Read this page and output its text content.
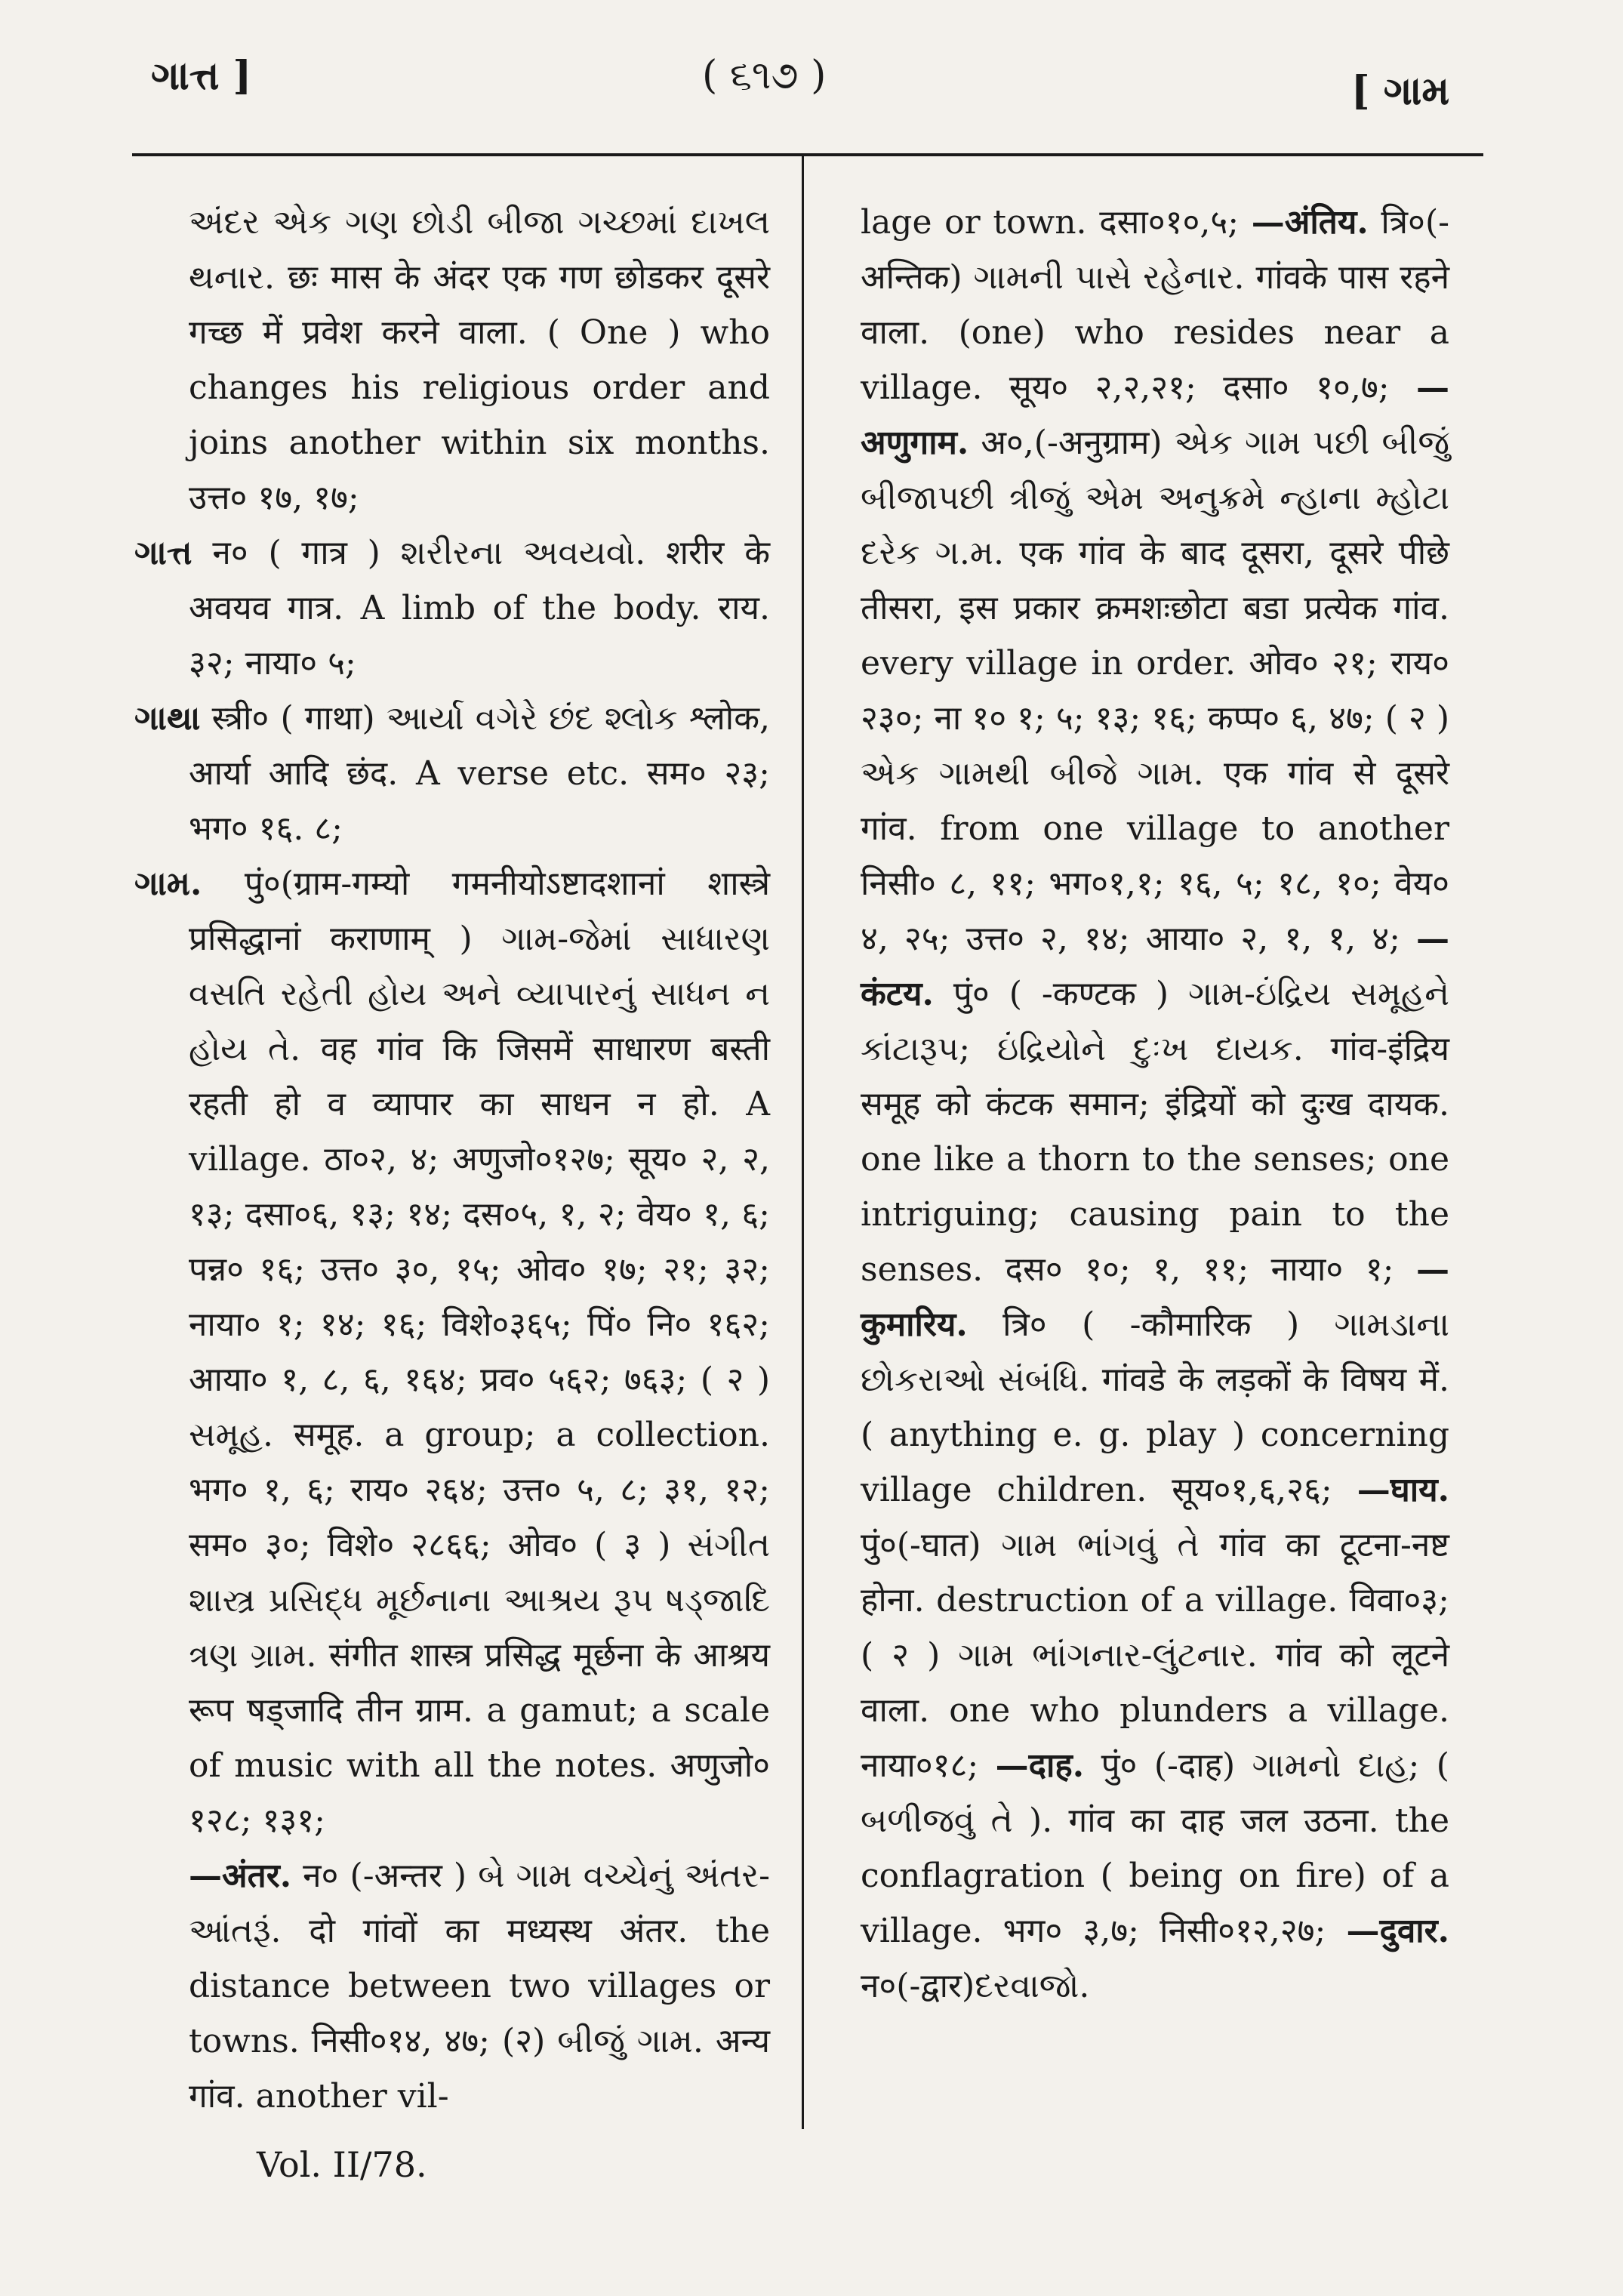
ગાત્ત ]	( ૬૧૭ )	[ ગામ

અંદર એક ગણ છોડી બીજા ગચ્છમાં દાખલ થનાર. छः मास के अंदर एक गण छोडकर दूसरे गच्छ में प्रवेश करने वाला. ( One ) who changes his religious order and joins another within six months. उत्त० १७, १७;

ગાત્ત न० ( गात्र ) શરીરના અવયવો. शरीर के अवयव गात्र. A limb of the body. राय. ३२; नाया० ५;

ગાથા स्त्री० ( गाथा) આર્યા વગેરે છંદ શ્લોક श्लोक, आर्या आदि छंद. A verse etc. सम० २३; भग० १६. ८;

ગામ. पुं०(ग्राम-गम्यो गमनीयोऽष्टादशानां शास्त्रे प्रसिद्धानां कराणाम् ) ગામ-જેમાં સાધારણ વસતિ રહેતી હોય અને વ્યાપારનું સાધન ન હોય તે. वह गांव कि जिसमें साधारण बस्ती रहती हो व व्यापार का साधन न हो. A village. ठा०२, ४; अणुजो०१२७; सूय० २, २, १३; दसा०६, १३; १४; दस०५, १, २; वेय० १, ६; पन्न० १६; उत्त० ३०, १५; ओव० १७; २१; ३२; नाया० १; १४; १६; विशे०३६५; पिं० नि० १६२; आया० १, ८, ६, १६४; प्रव० ५६२; ७६३; ( २ ) સમૂહ. समूह. a group; a collection. भग० १, ६; राय० २६४; उत्त० ५, ८; ३१, १२; सम० ३०; विशे० २८६६; ओव० ( ३ ) સંગીત શાસ્ત્ર પ્રસિદ્ધ મૂર્છનાના આશ્રય રૂપ ષડ્જાદિ ત્રણ ગ્રામ. संगीत शास्त्र प्रसिद्ध मूर्छना के आश्रय रूप षड्जादि तीन ग्राम. a gamut; a scale of music with all the notes. अणुजो० १२८; १३१;

—अंतर. न० (-अन्तर ) બે ગામ વચ્ચેનું અંતર-આંતરૂં. दो गांवों का मध्यस्थ अंतर. the distance between two villages or towns. निसी०१४, ४७; (२) બીજું ગામ. अन्य गांव. another vil-

lage or town. दसा०१०,५; —अंतिय. त्रि०(-अन्तिक) ગામની પાસે રહેનાર. गांवके पास रहने वाला. (one) who resides near a village. सूय० २,२,२१; दसा० १०,७; —अणुगाम. अ०,(-अनुग्राम) એક ગામ પછી બીજું બીજાપછી ત્રીજું એમ અનુક્રમે ન્હાના મ્હોટા દરેક ગ.મ. एक गांव के बाद दूसरा, दूसरे पीछे तीसरा, इस प्रकार क्रमशःछोटा बडा प्रत्येक गांव. every village in order. ओव० २१; राय० २३०; ना १० १; ५; १३; १६; कप्प० ६, ४७; ( २ ) એક ગામથી બીજે ગામ. एक गांव से दूसरे गांव. from one village to another निसी० ८, ११; भग०१,१; १६, ५; १८, १०; वेय० ४, २५; उत्त० २, १४; आया० २, १, १, ४; —कंटय. पुं० ( -कण्टक ) ગામ-ઇંદ્રિય સમૂહને કાંટારૂપ; ઇંદ્રિયોને દુઃખ દાયક. गांव-इंद्रिय समूह को कंटक समान; इंद्रियों को दुःख दायक. one like a thorn to the senses; one intriguing; causing pain to the senses. दस० १०; १, ११; नाया० १; —कुमारिय. त्रि० ( -कौमारिक ) ગામડાના છોકરાઓ સંબંધિ. गांवडे के लड़कों के विषय में. ( anything e. g. play ) concerning village children. सूय०१,६,२६; —घाय. पुं०(-घात) ગામ ભાંગવું તે गांव का टूटना-नष्ट होना. destruction of a village. विवा०३; ( २ ) ગામ ભાંગનાર-લુંટનાર. गांव को लूटने वाला. one who plunders a village. नाया०१८; —दाह. पुं० (-दाह) ગામનો દાહ; ( બળીજવું તે ). गांव का दाह जल उठना. the conflagration ( being on fire) of a village. भग० ३,७; निसी०१२,२७; —दुवार. न०(-द्वार)દરવાજો.

Vol. II/78.
